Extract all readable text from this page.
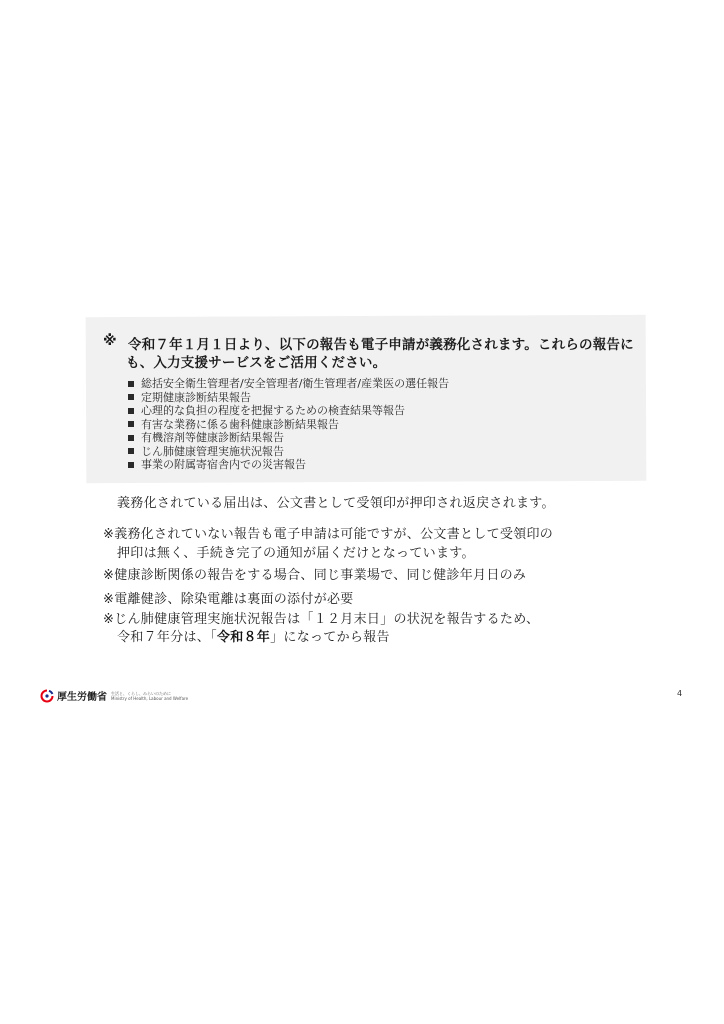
※ 令和７年１月１日より、以下の報告も電子申請が義務化されます。これらの報告に
も、入力支援サービスをご活用ください。
総括安全衛生管理者/安全管理者/衛生管理者/産業医の選任報告
定期健康診断結果報告
心理的な負担の程度を把握するための検査結果等報告
有害な業務に係る歯科健康診断結果報告
有機溶剤等健康診断結果報告
じん肺健康管理実施状況報告
事業の附属寄宿舎内での災害報告
義務化されている届出は、公文書として受領印が押印され返戻されます。
※義務化されていない報告も電子申請は可能ですが、公文書として受領印の
押印は無く、手続き完了の通知が届くだけとなっています。
※健康診断関係の報告をする場合、同じ事業場で、同じ健診年月日のみ
※電離健診、除染電離は裏面の添付が必要
※じん肺健康管理実施状況報告は「１２月末日」の状況を報告するため、
令和７年分は、「令和８年」になってから報告
厚生労働省 生活と、くらし、みらいのために
Ministry of Health, Labour and Welfare	4
